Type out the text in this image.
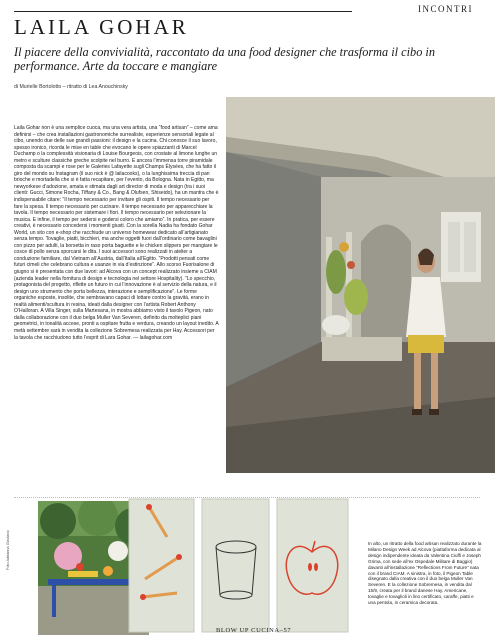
INCONTRI
LAILA GOHAR
Il piacere della convivialità, raccontato da una food designer che trasforma il cibo in performance. Arte da toccare e mangiare
di Murielle Bortolotto – ritratto di Lea Anouchinsky

Laila Gohar non è una semplice cuoca, ma una vera artista, una “food artisan” – come ama definirsi – che crea installazioni gastronomiche surrealiste, esperienze sensoriali legate al cibo, unendo due delle sue grandi passioni: il design e la cucina. Chi conosce il suo lavoro, spesso ironico, ricorda le mise en table che evocano le opere spiazzanti di Marcel Duchamp o la complessità visionaria di Louise Bourgeois, con crostate al limone lunghe un metro e sculture classiche greche scolpite nel burro. E ancora l’immensa torre piramidale composta da scampi e rose per le Galeries Lafayette sugli Champs Élysées, che ha fatto il giro del mondo su Instagram (il suo nick è @ lailacooks), o la lunghissima treccia di pan brioche e mortadella che si è fatta recapitare, per l’evento, da Bologna. Nata in Egitto, ma newyorkese d’adozione, amata e stimata dagli art director di moda e design (tra i suoi clienti: Gucci, Simone Rocha, Tiffany & Co., Bang & Olufsen, Shiseido), ha un mantra che è indispensabile citare: “Il tempo necessario per invitare gli ospiti. Il tempo necessario per fare la spesa. Il tempo necessario per cucinare. Il tempo necessario per apparecchiare la tavola. Il tempo necessario per sistemare i fiori. Il tempo necessario per selezionare la musica. E infine, il tempo per sedersi e godersi coloro che amiamo”. In pratica, per essere creativi, è necessario concedersi i momenti giusti. Con la sorella Nadia ha fondato Gohar World, un sito con e-shop che racchiude un universo homewear dedicato all’artigianato senza tempo. Tovaglie, piatti, bicchieri, ma anche oggetti fuori dall’ordinario come bavaglini con pizzo per adulti, la borsetta in raso porta baguette e le chicken slippers per mangiare le cosce di pollo senza sporcarsi le dita. I suoi accessori sono realizzati in atelier a conduzione familiare, dal Vietnam all’Austria, dall’Italia all’Egitto. “Prodotti pensati come futuri cimeli che celebrano cultura e usanze in via d’estinzione”. Allo scorso Fuorisalone di giugno si è presentata con due lavori: ad Alcova con un concept realizzato insieme a CIAM (azienda leader nella fornitura di design e tecnologia nel settore Hospitality). “Lo specchio, protagonista del progetto, riflette un futuro in cui l’innovazione è al servizio della natura, e il design uno strumento che porta bellezza, interazione e semplificazione”. Le forme organiche esposte, insolite, che sembravano capaci di lottare contro la gravità, erano in realtà alimenti/scultura in resina, ideati dalla designer con l’artista Robert Anthony O’Halloran. A Villa Singer, sulla Martesana, in mostra abbiamo visto il tavolo Pigeon, nato dalla collaborazione con il duo belga Muller Van Severen, definito da molteplici piani geometrici, in tonalità accese, pronti a ospitare frutta e verdura, creando un layout inedito. A metà settembre sarà in vendita la collezione Sobremesa realizzata per Hay. Accessori per la tavola che racchiudono tutto l’esprit di Lara Gohar. — lailagohar.com

Foto Adrianna Glaviano	In alto, un ritratto della food artisan realizzato durante la Milano Design Week ad Alcova (piattaforma dedicata al design indipendente ideata da Valentina Ciuffi e Joseph Grima, con sede all’ex Ospedale Militare di Baggio) davanti all’installazione “Reflections From Future” nata con il brand CIAM. A sinistra, in foto, il Pigeon Table disegnato dalla creativa con il duo belga Muller Van Severen. E la collezione Sobremesa, in vendita dal 15/9, creata per il brand danese Hay. Americane, tovaglie e tovaglioli in lino certificato, caraffe, piatti e una pentola, in ceramica decorata.

BLOW UP CUCINA–57
